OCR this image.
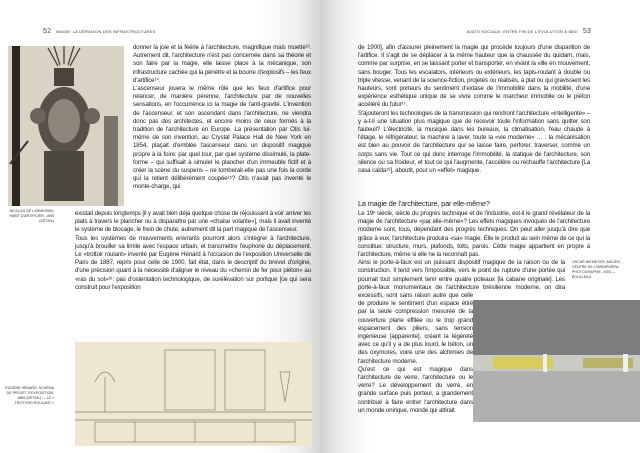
52 MAGIE: LA DÉRAISON DES INFRASTRUCTURES
NICOLAS DE LARMESSIN, HABIT D'ARTIFICIER, 1695 (DÉTAIL)

donner la joie et la féérie à l'architecture, magnifique mais muette¹³. Autrement dit, l'architecture n'est pas concernée dans sa théorie et son faire par la magie, elle laisse place à la mécanique, son infrastructure cachée qui la pénètre et la bourre d'explosifs – les feux d'artifice¹⁴.

L'ascenseur jouera le même rôle que les feux d'artifice pour relancer, de manière pérenne, l'architecture par de nouvelles sensations, en l'occurrence ici la magie de l'anti-gravité. L'invention de l'ascenseur, et son ascendant dans l'architecture, ne viendra donc pas des architectes, et encore moins de ceux formés à la tradition de l'architecture en Europe. La présentation par Otis lui-même de son invention, au Crystal Palace Hall de New York en 1854, plaçait d'emblée l'ascenseur dans un dispositif magique propre à la foire: par quel tour, par quel système dissimulé, la plate-forme – qui suffisait à simuler le plancher d'un immeuble fictif et à créer la scène du suspens – ne tomberait-elle pas une fois la corde qui la retient délibérément coupée¹⁵? Otis n'avait pas inventé le monte-charge, qui

existait depuis longtemps [il y avait bien déjà quelque chose de réjouissant à voir arriver les plats à travers le plancher ou à disparaître par une «chaise volante»], mais il avait inventé le système de blocage, le frein de chute, autrement dit la part magique de l'ascenseur.

Tous les systèmes de mouvements enivrants pourront alors s'intégrer à l'architecture, jusqu'à brouiller sa limite avec l'espace urbain, et transmettre l'euphorie du déplacement. Le «trottoir roulant» inventé par Eugène Hénard à l'occasion de l'exposition Universelle de Paris de 1887, repris pour celle de 1900, fait état, dans le descriptif du brevet d'origine, d'une précision quant à la nécessité d'aligner le niveau du «chemin de fer pour piéton» au «ras du sol»¹⁶: pas d'ostentation technologique, de surélévation sur portique [ce qui sera construit pour l'exposition

EUGÈNE HÉNARD, SCHÉMA DE PROJET D'EXPOSITION, 1889 (DÉTAIL) — LE « TROTTOIR ROULANT »
AVATS SOCIAUX: ENTRE FIN DE L'ÉVOLUTION À MIDI 53

de 1900], afin d'assurer pleinement la magie qui procède toujours d'une disparition de l'artifice. Il s'agit de se déplacer à la même hauteur que la chaussée du quidam, mais, comme par surprise, en se laissant porter et transporter, en vivant la ville en mouvement, sans bouger. Tous les escalators, intérieurs ou extérieurs, les tapis-roulant à double ou triple vitesse, venant de la science-fiction, projetés ou réalisés, à plat ou qui gravissent les hauteurs, sont porteurs du sentiment d'extase de l'immobilité dans la mobilité, d'une expérience esthétique unique de se vivre comme le marcheur immobile ou le piéton accéléré du futur¹⁷.

S'ajouteront les technologies de la transmission qui rendront l'architecture «intelligente» – y a-t-il une situation plus magique que de recevoir toute l'information sans quitter son fauteuil? L'électricité, la musique dans les bureaux, la climatisation, l'eau chaude à l'étage, le réfrigérateur, la machine à laver, toute la «vie moderne» … : la mécanisation est bien au pouvoir de l'architecture qui se laisse faire, perforer, traverser, comme un corps sans vie. Tout ce qui donc interroge l'immobilité, la statique de l'architecture, son silence ou sa froideur, et tout ce qui l'augmente, l'accélère ou réchauffe l'architecture [La casa calda¹⁸], aboutit, pour un «effet» magique.

La magie de l'architecture, par elle-même?

Le 19ᵉ siècle, siècle du progrès technique et de l'industrie, est-il le grand révélateur de la magie de l'architecture «par elle-même»? Les effets magiques invoqués de l'architecture moderne sont, tous, dépendant des progrès techniques. On peut aller jusqu'à dire que grâce à eux, l'architecture produira «sa» magie. Elle le produit au sein même de ce qui la constitue: structure, murs, plafonds, toits, parois. Cette magie appartient en propre à l'architecture, même si elle ne la reconnaît pas.

Ainsi le porte-à-faux est un puissant dispositif magique de la raison ou de la construction. Il tend vers l'impossible, vers le point de rupture d'une portée qui pourrait tout simplement tenir entre quatre poteaux [la cabane originale]. Les porte-à-faux monumentaux de l'architecture brésilienne moderne, on dira excessifs, sont sans raison autre que celle de produire le sentiment d'un espace étiré par la seule compression mesurée de la couverture plane effilée ou le trop grand espacement des piliers, sans tension ingénieuse [apparente], créant la légèreté avec ce qu'il y a de plus lourd, le béton, un des oxymores, voire une des alchimies de l'architecture moderne.

Qu'est ce qui est magique dans l'architecture de verre, l'architecture ou le verre? Le développement du verre, en grande surface puis porteur, a grandement contribué à faire entrer l'architecture dans un monde onirique, monde qui attirait

OSCAR NIEMEYER, ANCIEN CENTRE DE L'IBIRAPUERA, PHOTOGRAPHIE, 2003 — BOULLEAU
